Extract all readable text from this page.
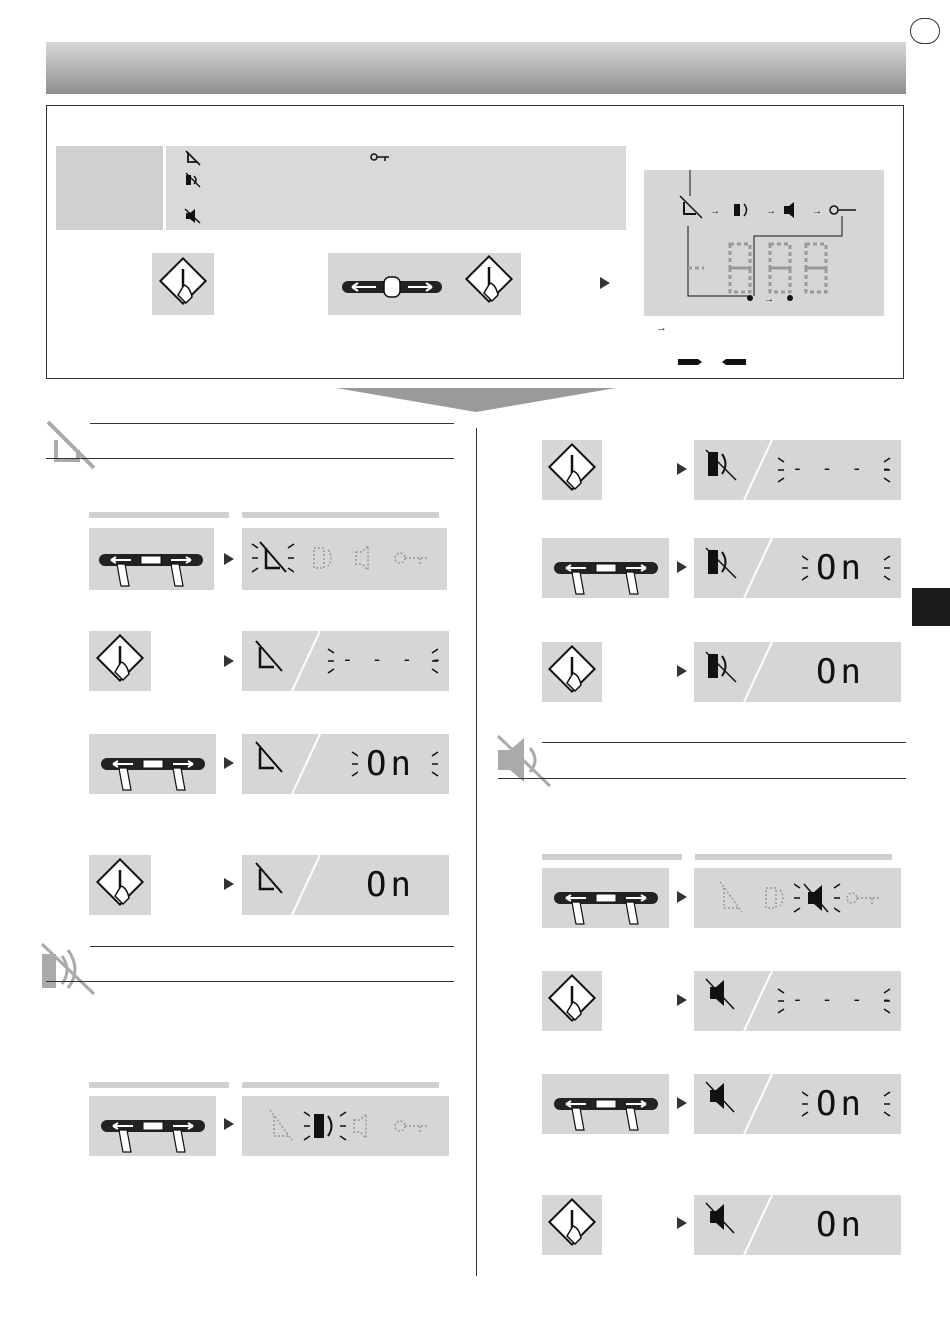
→	→	→
→
→
- - - -
On
On
- - - -
On
On
- - - -
On
On
